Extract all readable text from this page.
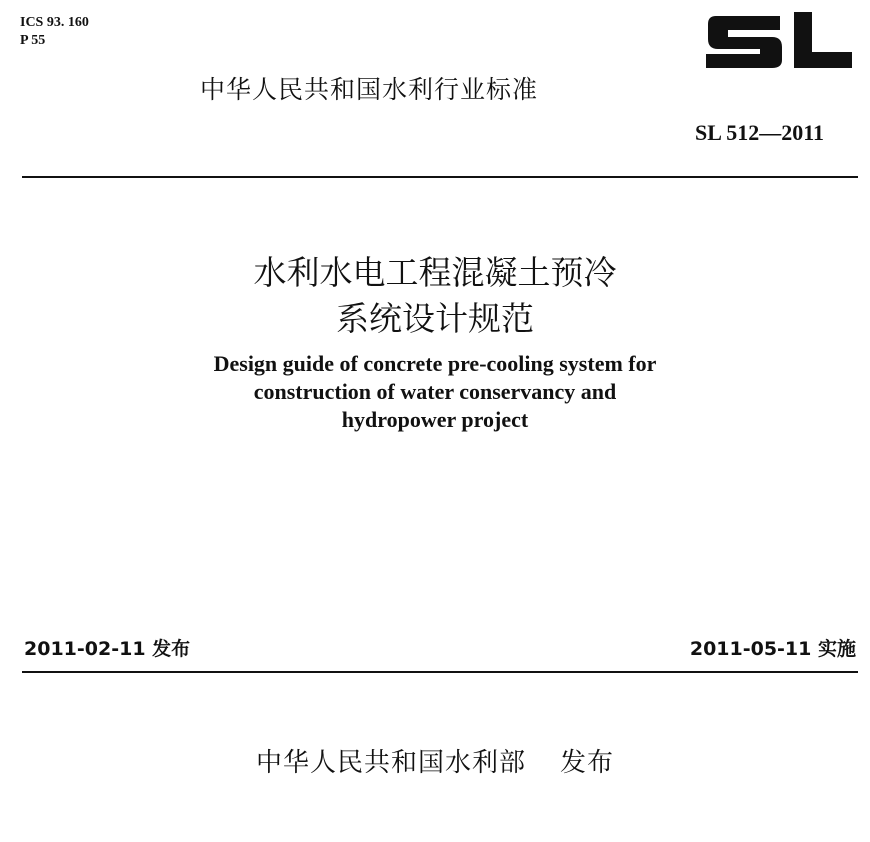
ICS 93. 160
P 55
中华人民共和国水利行业标准
SL 512—2011
水利水电工程混凝土预冷
系统设计规范
Design guide of concrete pre-cooling system for
construction of water conservancy and
hydropower project
2011-02-11 发布	2011-05-11 实施
中华人民共和国水利部 发布
